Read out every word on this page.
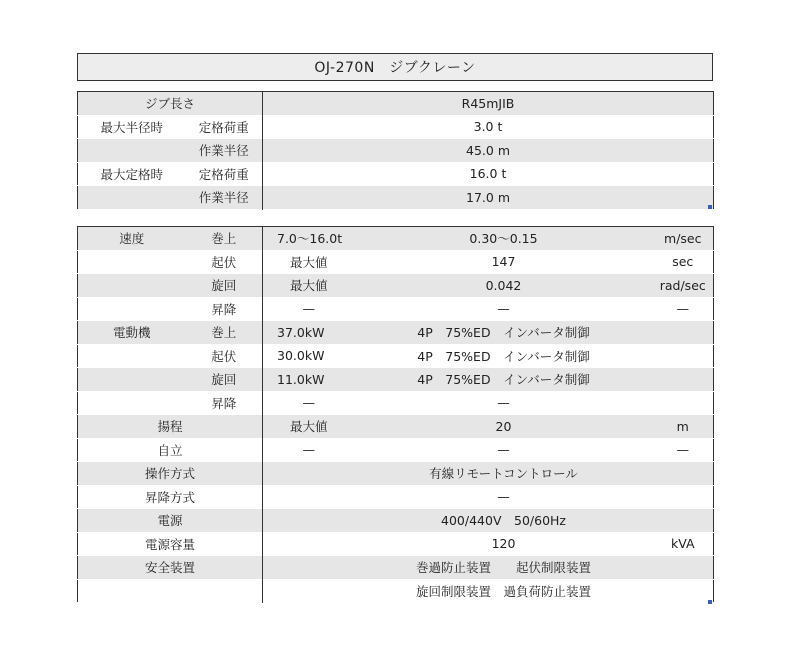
OJ-270N　ジブクレーン
ジブ長さ		R45mJIB
最大半径時	定格荷重	3.0 t
	作業半径	45.0 m
最大定格時	定格荷重	16.0 t
	作業半径	17.0 m
速度	巻上	7.0〜16.0t	0.30〜0.15	m/sec
	起伏	最大値	147	sec
	旋回	最大値	0.042	rad/sec
	昇降	—	—	—
電動機	巻上	37.0kW	4P　75%ED　インバータ制御	
	起伏	30.0kW	4P　75%ED　インバータ制御	
	旋回	11.0kW	4P　75%ED　インバータ制御	
	昇降	—	—	
揚程		最大値	20	m
自立		—	—	—
操作方式			有線リモートコントロール	
昇降方式			—	
電源			400/440V　50/60Hz	
電源容量			120	kVA
安全装置			巻過防止装置　　起伏制限装置	
			旋回制限装置　過負荷防止装置	
